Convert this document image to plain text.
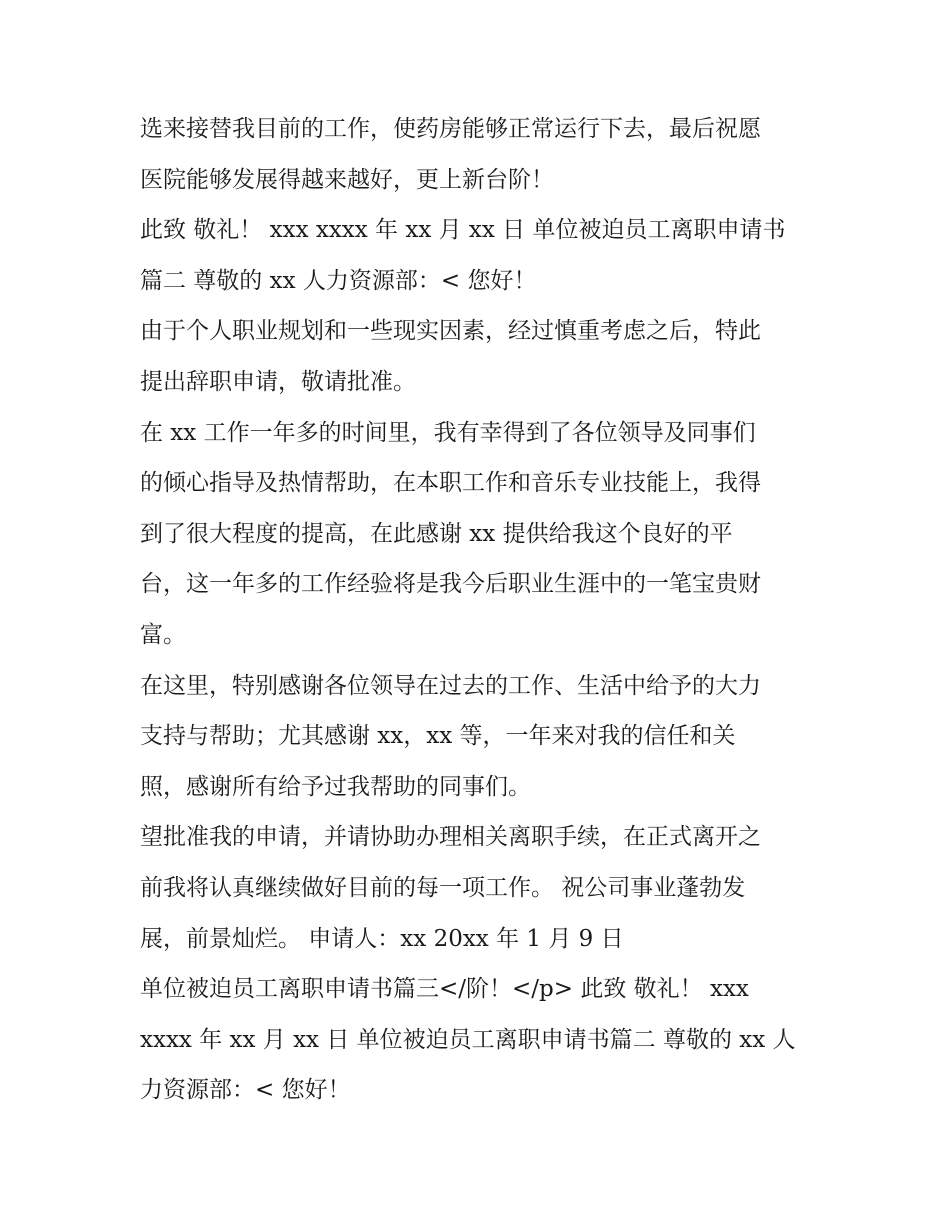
选来接替我目前的工作，使药房能够正常运行下去，最后祝愿
医院能够发展得越来越好，更上新台阶！
此致 敬礼！ xxx xxxx 年 xx 月 xx 日 单位被迫员工离职申请书
篇二 尊敬的 xx 人力资源部：< 您好！
由于个人职业规划和一些现实因素，经过慎重考虑之后，特此
提出辞职申请，敬请批准。
在 xx 工作一年多的时间里，我有幸得到了各位领导及同事们
的倾心指导及热情帮助，在本职工作和音乐专业技能上，我得
到了很大程度的提高，在此感谢 xx 提供给我这个良好的平
台，这一年多的工作经验将是我今后职业生涯中的一笔宝贵财
富。
在这里，特别感谢各位领导在过去的工作、生活中给予的大力
支持与帮助；尤其感谢 xx，xx 等，一年来对我的信任和关
照，感谢所有给予过我帮助的同事们。
望批准我的申请，并请协助办理相关离职手续，在正式离开之
前我将认真继续做好目前的每一项工作。 祝公司事业蓬勃发
展，前景灿烂。 申请人：xx 20xx 年 1 月 9 日
单位被迫员工离职申请书篇三</阶！</p> 此致 敬礼！ xxx
xxxx 年 xx 月 xx 日 单位被迫员工离职申请书篇二 尊敬的 xx 人
力资源部：< 您好！
